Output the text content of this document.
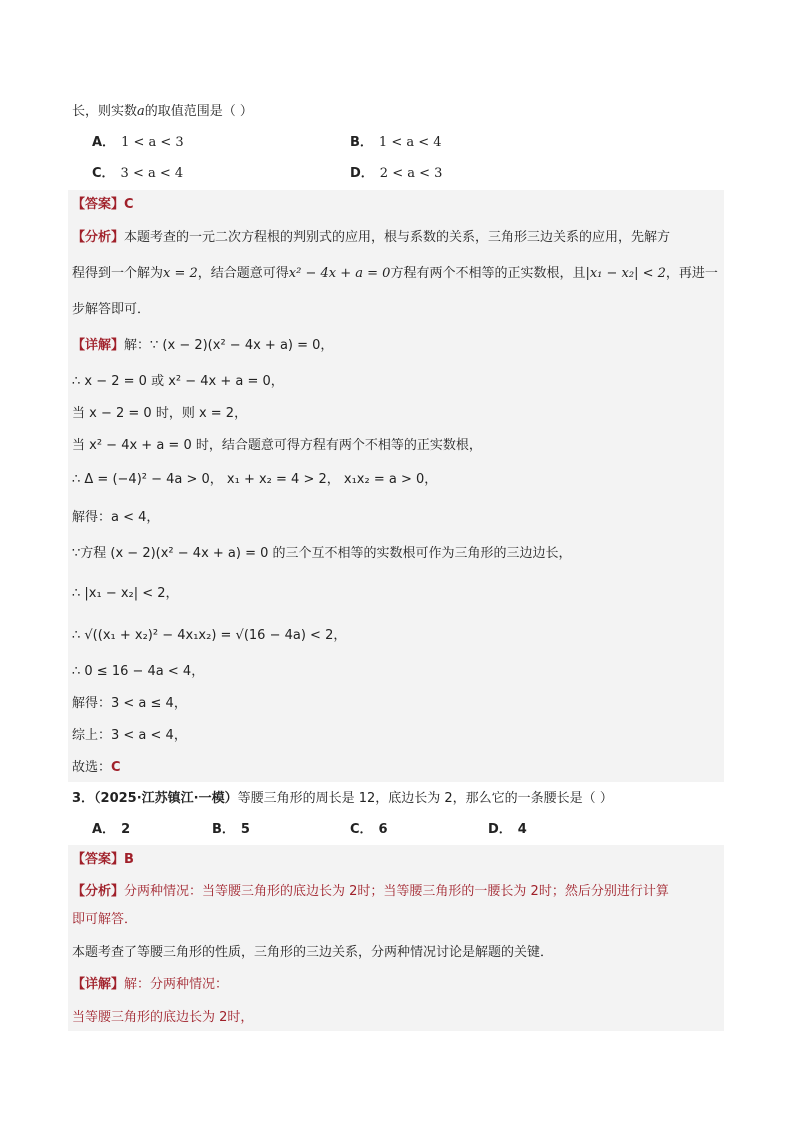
长，则实数a的取值范围是（ ）
A． 1 < a < 3	B． 1 < a < 4
C． 3 < a < 4	D． 2 < a < 3
【答案】C
【分析】本题考查的一元二次方程根的判别式的应用，根与系数的关系，三角形三边关系的应用，先解方
程得到一个解为x = 2，结合题意可得x² − 4x + a = 0方程有两个不相等的正实数根，且|x₁ − x₂| < 2，再进一
步解答即可．
【详解】解：∵ (x − 2)(x² − 4x + a) = 0，
∴ x − 2 = 0 或 x² − 4x + a = 0，
当 x − 2 = 0 时，则 x = 2，
当 x² − 4x + a = 0 时，结合题意可得方程有两个不相等的正实数根，
∴ Δ = (−4)² − 4a > 0， x₁ + x₂ = 4 > 2， x₁x₂ = a > 0，
解得：a < 4，
∵方程 (x − 2)(x² − 4x + a) = 0 的三个互不相等的实数根可作为三角形的三边边长，
∴ |x₁ − x₂| < 2，
∴ √((x₁ + x₂)² − 4x₁x₂) = √(16 − 4a) < 2，
∴ 0 ≤ 16 − 4a < 4，
解得：3 < a ≤ 4，
综上：3 < a < 4，
故选：C
3．（2025·江苏镇江·一模）等腰三角形的周长是 12，底边长为 2，那么它的一条腰长是（ ）
A． 2	B． 5	C． 6	D． 4
【答案】B
【分析】分两种情况：当等腰三角形的底边长为 2时；当等腰三角形的一腰长为 2时；然后分别进行计算
即可解答．
本题考查了等腰三角形的性质，三角形的三边关系，分两种情况讨论是解题的关键．
【详解】解：分两种情况：
当等腰三角形的底边长为 2时，
